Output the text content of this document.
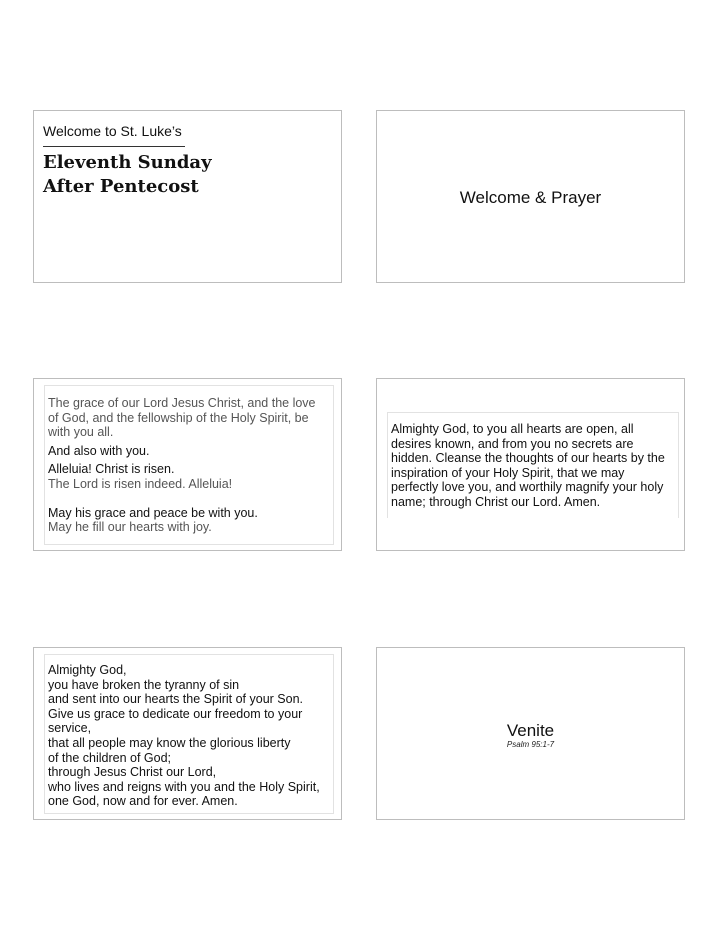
Welcome to St. Luke’s
Eleventh Sunday
After Pentecost
Welcome & Prayer

The grace of our Lord Jesus Christ, and the love of God, and the fellowship of the Holy Spirit, be with you all.

And also with you.

Alleluia! Christ is risen.

The Lord is risen indeed. Alleluia!

May his grace and peace be with you.

May he fill our hearts with joy.

Almighty God, to you all hearts are open, all desires known, and from you no secrets are hidden. Cleanse the thoughts of our hearts by the inspiration of your Holy Spirit, that we may perfectly love you, and worthily magnify your holy name; through Christ our Lord. Amen.

Almighty God,
you have broken the tyranny of sin
and sent into our hearts the Spirit of your Son.
Give us grace to dedicate our freedom to your service,
that all people may know the glorious liberty
of the children of God;
through Jesus Christ our Lord,
who lives and reigns with you and the Holy Spirit,
one God, now and for ever. Amen.

Venite
Psalm 95:1-7
